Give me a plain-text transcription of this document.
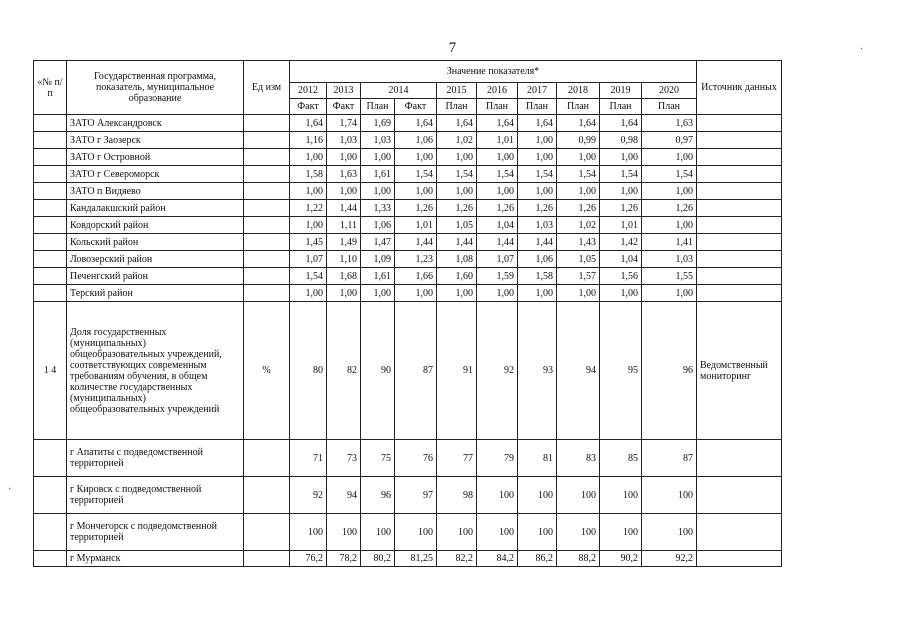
7
«№ п/п	Государственная программа, показатель, муниципальное образование	Ед изм	Значение показателя*										Источник данных
			2012	2013	2014		2015	2016	2017	2018	2019	2020	
			Факт	Факт	План	Факт	План	План	План	План	План	План	
	ЗАТО Александровск		1,64	1,74	1,69	1,64	1,64	1,64	1,64	1,64	1,64	1,63	
	ЗАТО г Заозерск		1,16	1,03	1,03	1,06	1,02	1,01	1,00	0,99	0,98	0,97	
	ЗАТО г Островной		1,00	1,00	1,00	1,00	1,00	1,00	1,00	1,00	1,00	1,00	
	ЗАТО г Североморск		1,58	1,63	1,61	1,54	1,54	1,54	1,54	1,54	1,54	1,54	
	ЗАТО п Видяево		1,00	1,00	1,00	1,00	1,00	1,00	1,00	1,00	1,00	1,00	
	Кандалакшский район		1,22	1,44	1,33	1,26	1,26	1,26	1,26	1,26	1,26	1,26	
	Ковдорский район		1,00	1,11	1,06	1,01	1,05	1,04	1,03	1,02	1,01	1,00	
	Кольский район		1,45	1,49	1,47	1,44	1,44	1,44	1,44	1,43	1,42	1,41	
	Ловозерский район		1,07	1,10	1,09	1,23	1,08	1,07	1,06	1,05	1,04	1,03	
	Печенгский район		1,54	1,68	1,61	1,66	1,60	1,59	1,58	1,57	1,56	1,55	
	Терский район		1,00	1,00	1,00	1,00	1,00	1,00	1,00	1,00	1,00	1,00	
1 4	Доля государственных (муниципальных) общеобразовательных учреждений, соответствующих современным требованиям обучения, в общем количестве государственных (муниципальных) общеобразовательных учреждений	%	80	82	90	87	91	92	93	94	95	96	Ведомственный мониторинг
	г Апатиты с подведомственной территорией		71	73	75	76	77	79	81	83	85	87	
	г Кировск с подведомственной территорией		92	94	96	97	98	100	100	100	100	100	
	г Мончегорск с подведомственной территорией		100	100	100	100	100	100	100	100	100	100	
	г Мурманск		76,2	78,2	80,2	81,25	82,2	84,2	86,2	88,2	90,2	92,2	
·
·
